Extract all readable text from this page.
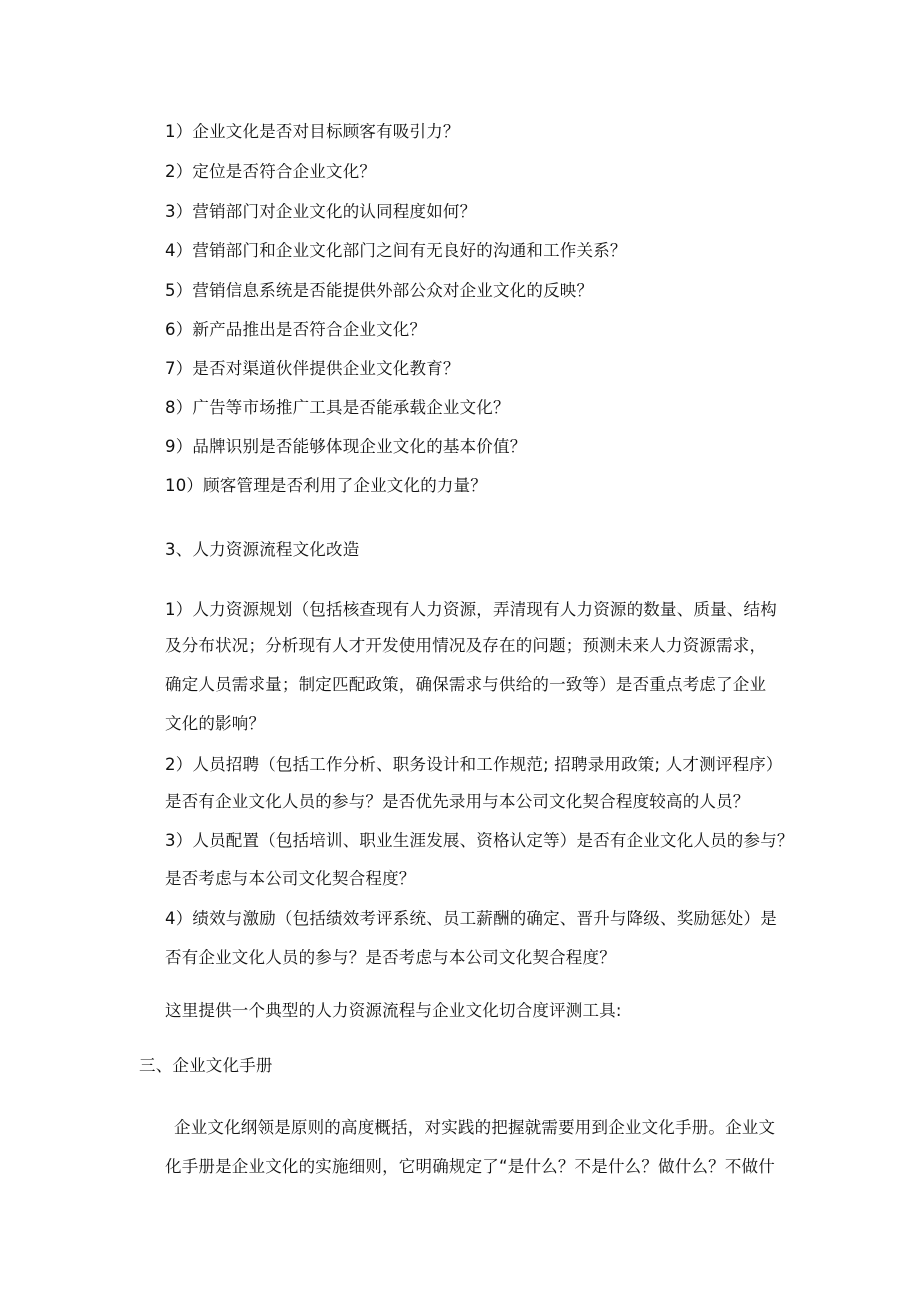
1）企业文化是否对目标顾客有吸引力？
2）定位是否符合企业文化？
3）营销部门对企业文化的认同程度如何？
4）营销部门和企业文化部门之间有无良好的沟通和工作关系？
5）营销信息系统是否能提供外部公众对企业文化的反映？
6）新产品推出是否符合企业文化？
7）是否对渠道伙伴提供企业文化教育？
8）广告等市场推广工具是否能承载企业文化？
9）品牌识别是否能够体现企业文化的基本价值？
10）顾客管理是否利用了企业文化的力量？
3、人力资源流程文化改造
1）人力资源规划（包括核查现有人力资源，弄清现有人力资源的数量、质量、结构
及分布状况；分析现有人才开发使用情况及存在的问题；预测未来人力资源需求，
确定人员需求量；制定匹配政策，确保需求与供给的一致等）是否重点考虑了企业
文化的影响？
2）人员招聘（包括工作分析、职务设计和工作规范; 招聘录用政策; 人才测评程序）
是否有企业文化人员的参与？是否优先录用与本公司文化契合程度较高的人员？
3）人员配置（包括培训、职业生涯发展、资格认定等）是否有企业文化人员的参与？
是否考虑与本公司文化契合程度？
4）绩效与激励（包括绩效考评系统、员工薪酬的确定、晋升与降级、奖励惩处）是
否有企业文化人员的参与？是否考虑与本公司文化契合程度？
这里提供一个典型的人力资源流程与企业文化切合度评测工具:
三、企业文化手册
企业文化纲领是原则的高度概括，对实践的把握就需要用到企业文化手册。企业文
化手册是企业文化的实施细则，它明确规定了“是什么？不是什么？做什么？不做什
